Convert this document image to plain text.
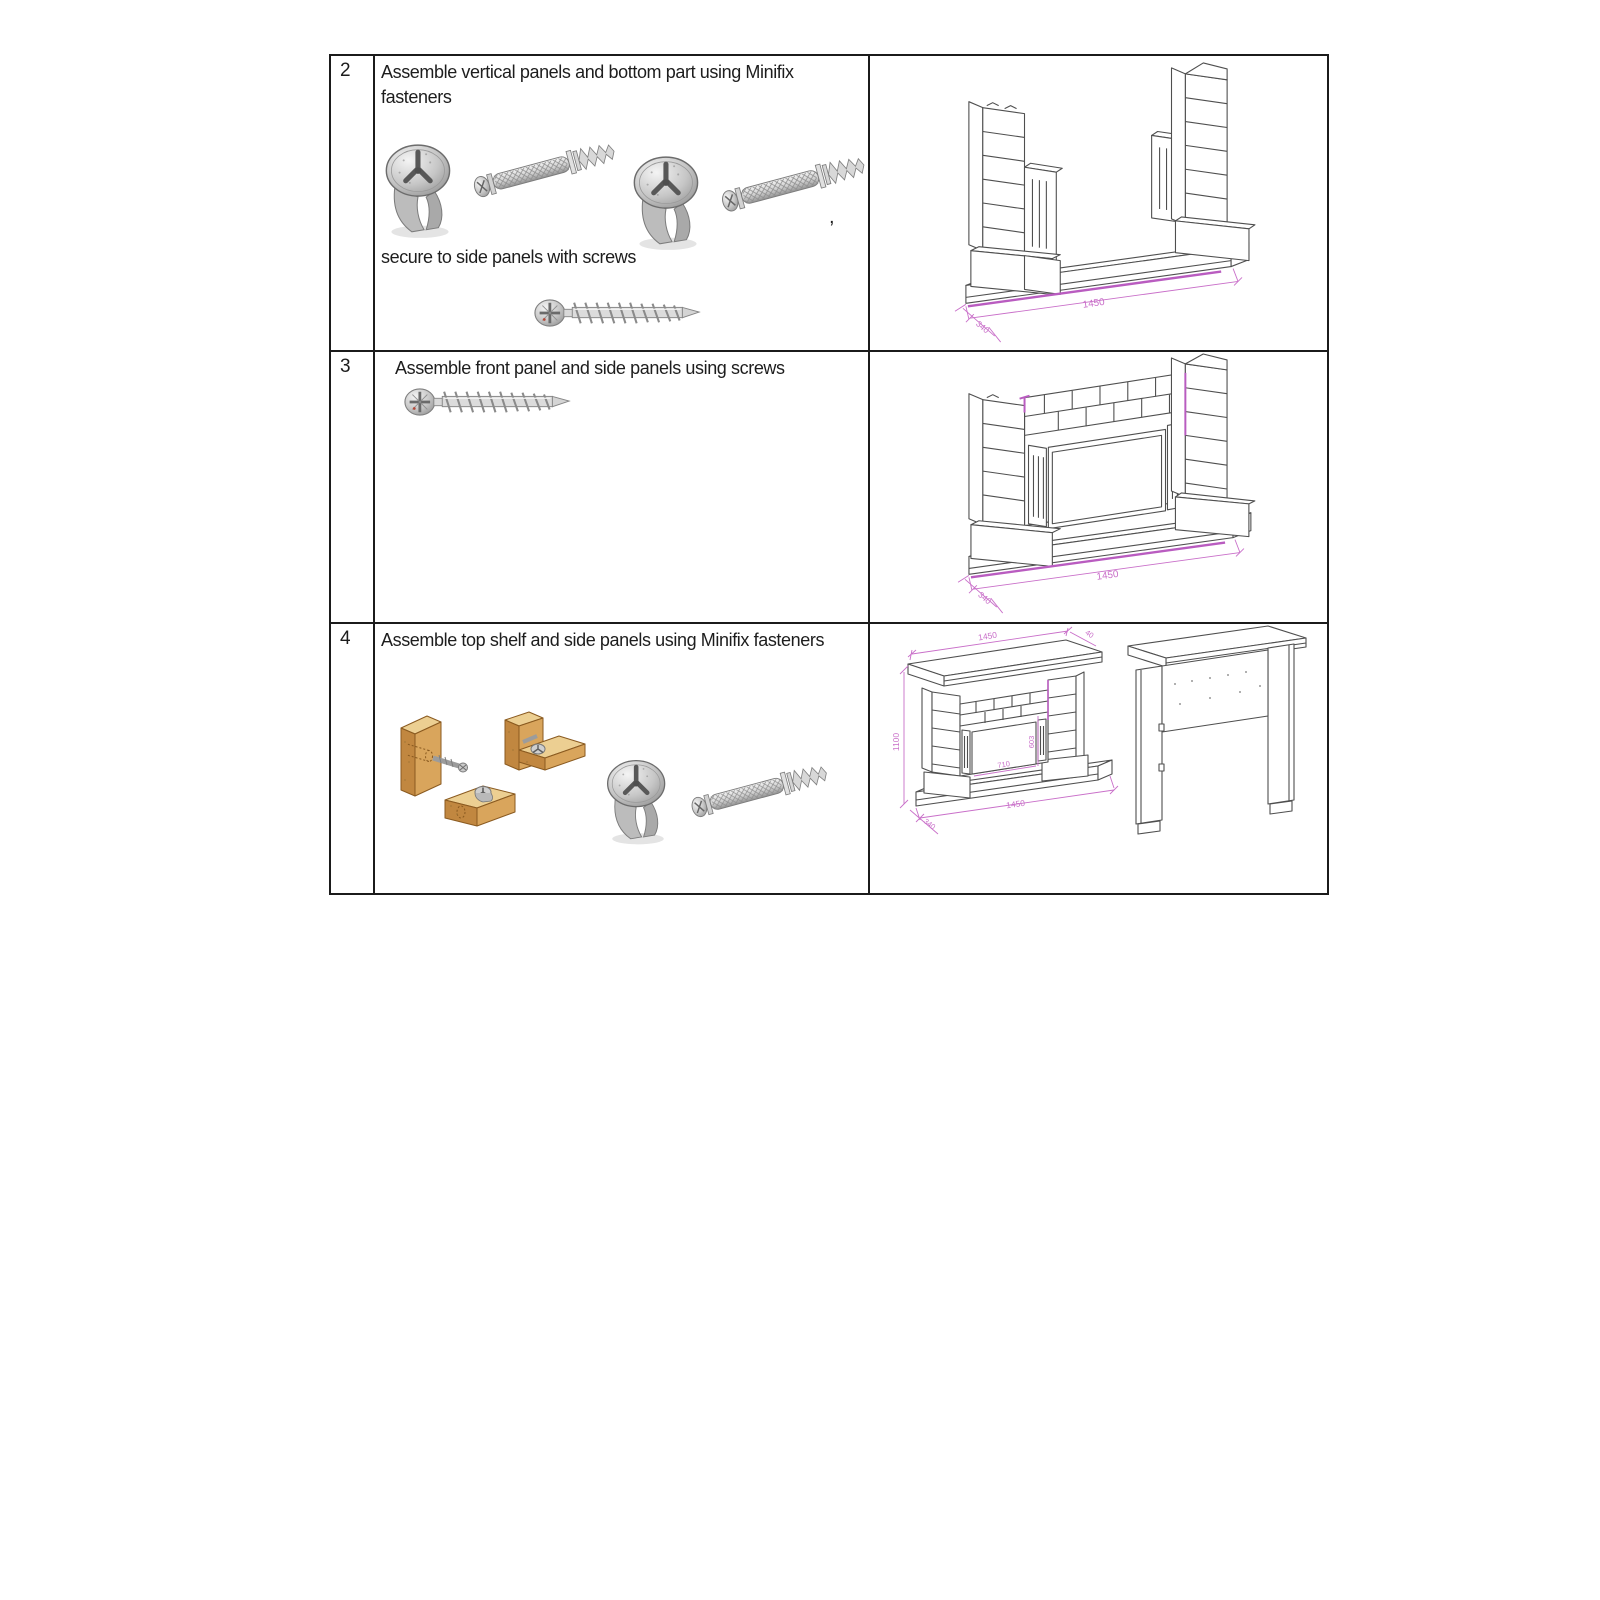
2	Assemble vertical panels and bottom part using Minifix
fasteners

,

secure to side panels with screws

1450
340
3	Assemble front panel and side panels using screws

1450
340
4	Assemble top shelf and side panels using Minifix fasteners	1450	40
1100	603
710
1450
340
